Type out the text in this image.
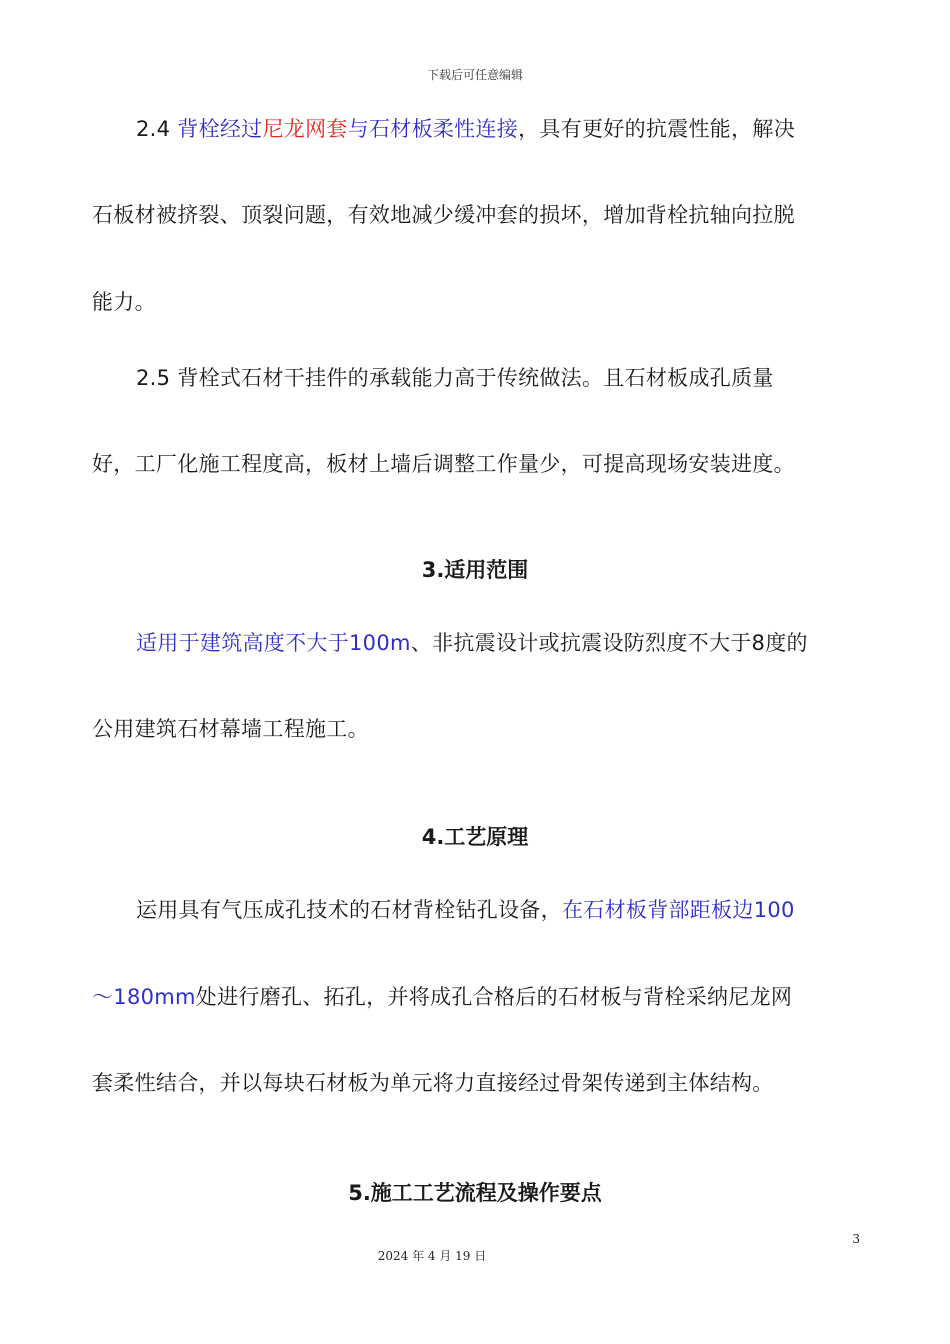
下载后可任意编辑
2.4 背栓经过尼龙网套与石材板柔性连接，具有更好的抗震性能，解决
石板材被挤裂、顶裂问题，有效地减少缓冲套的损坏，增加背栓抗轴向拉脱
能力。
2.5 背栓式石材干挂件的承载能力高于传统做法。且石材板成孔质量
好，工厂化施工程度高，板材上墙后调整工作量少，可提高现场安装进度。
3.适用范围
适用于建筑高度不大于100m、非抗震设计或抗震设防烈度不大于8度的
公用建筑石材幕墙工程施工。
4.工艺原理
运用具有气压成孔技术的石材背栓钻孔设备，在石材板背部距板边100
～180mm处进行磨孔、拓孔，并将成孔合格后的石材板与背栓采纳尼龙网
套柔性结合，并以每块石材板为单元将力直接经过骨架传递到主体结构。
5.施工工艺流程及操作要点
3
2024 年 4 月 19 日
